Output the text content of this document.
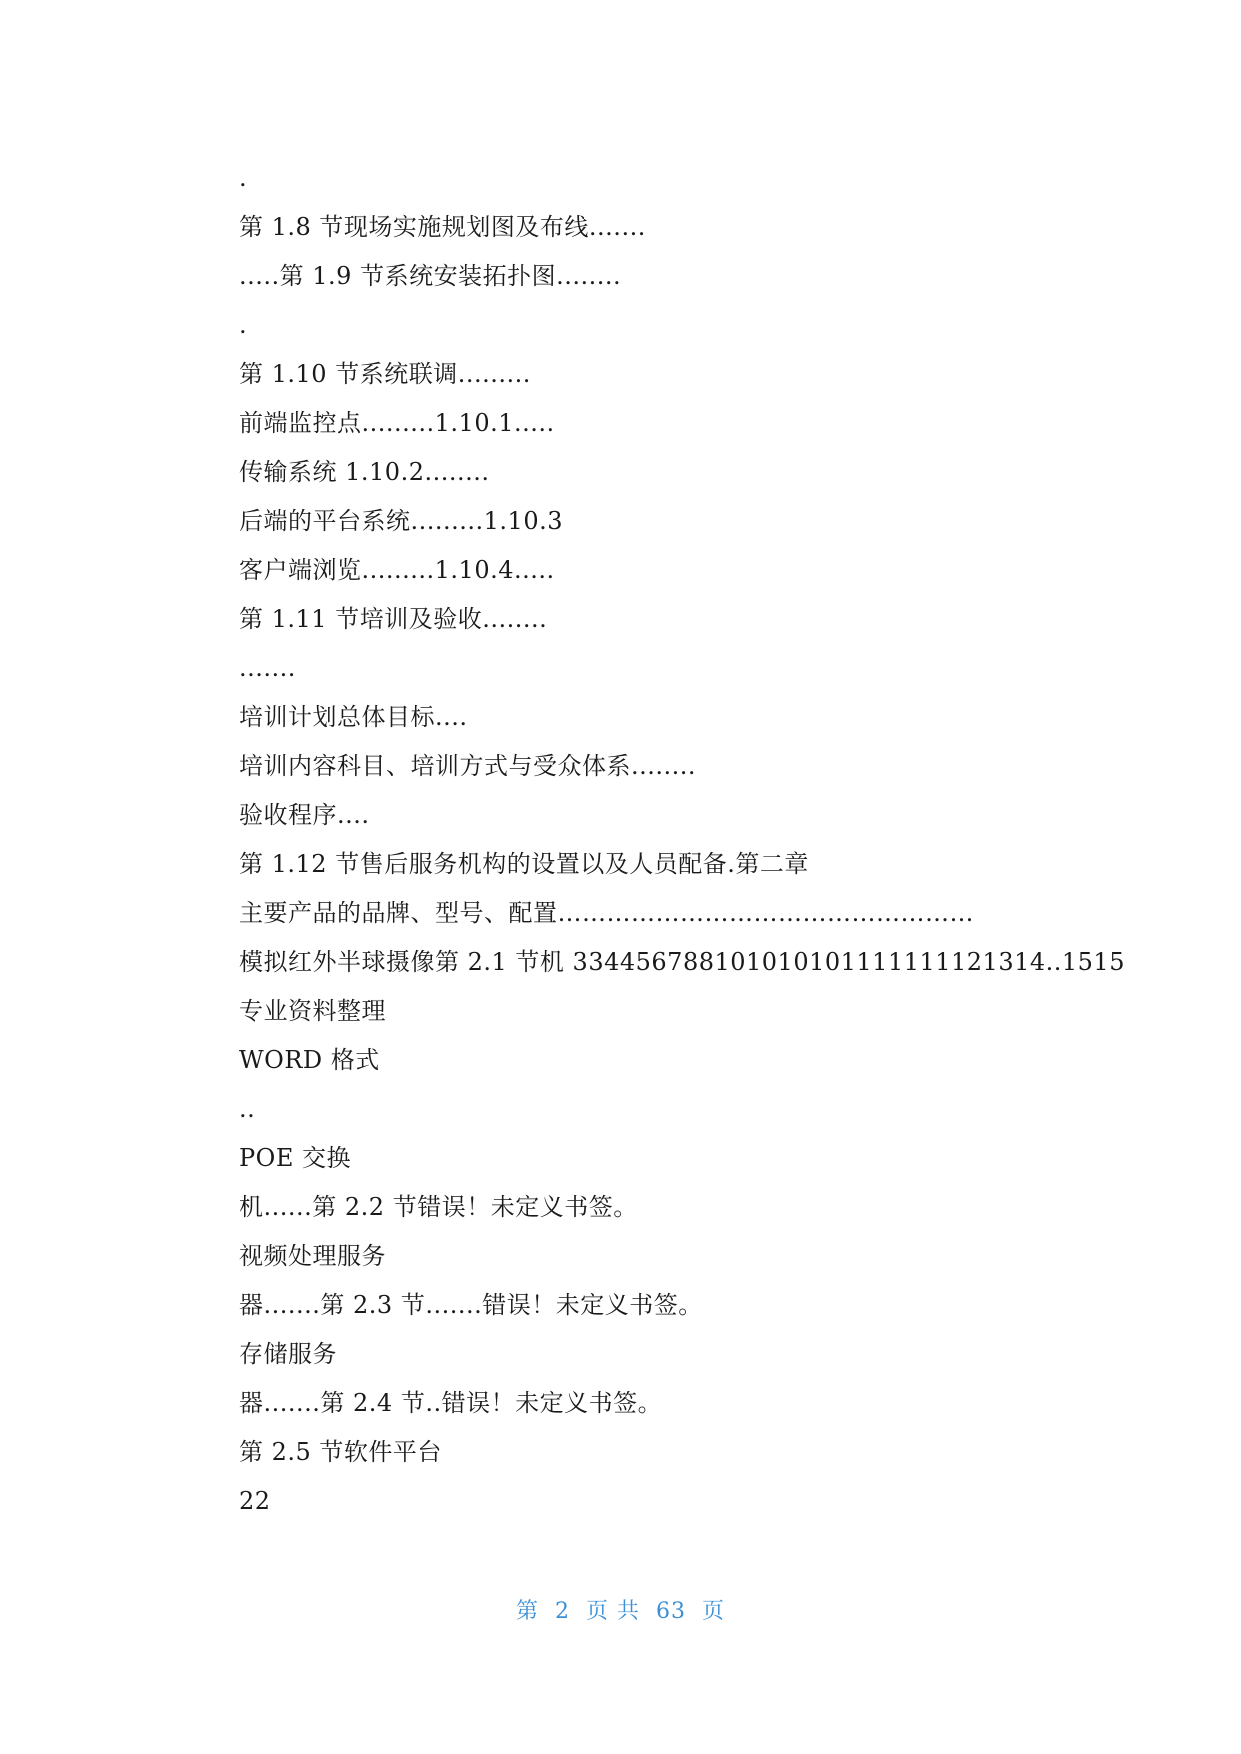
.
第 1.8 节现场实施规划图及布线.......
.....第 1.9 节系统安装拓扑图........
.
第 1.10 节系统联调.........
前端监控点.........1.10.1.....
传输系统 1.10.2........
后端的平台系统.........1.10.3
客户端浏览.........1.10.4.....
第 1.11 节培训及验收........
.......
培训计划总体目标....
培训内容科目、培训方式与受众体系........
验收程序....
第 1.12 节售后服务机构的设置以及人员配备.第二章
主要产品的品牌、型号、配置……………………………………………
模拟红外半球摄像第 2.1 节机 334456788101010101111111121314..1515
专业资料整理
WORD 格式
..
POE 交换
机......第 2.2 节错误！未定义书签。
视频处理服务
器.......第 2.3 节.......错误！未定义书签。
存储服务
器.......第 2.4 节..错误！未定义书签。
第 2.5 节软件平台
22
第  2  页 共  63  页
